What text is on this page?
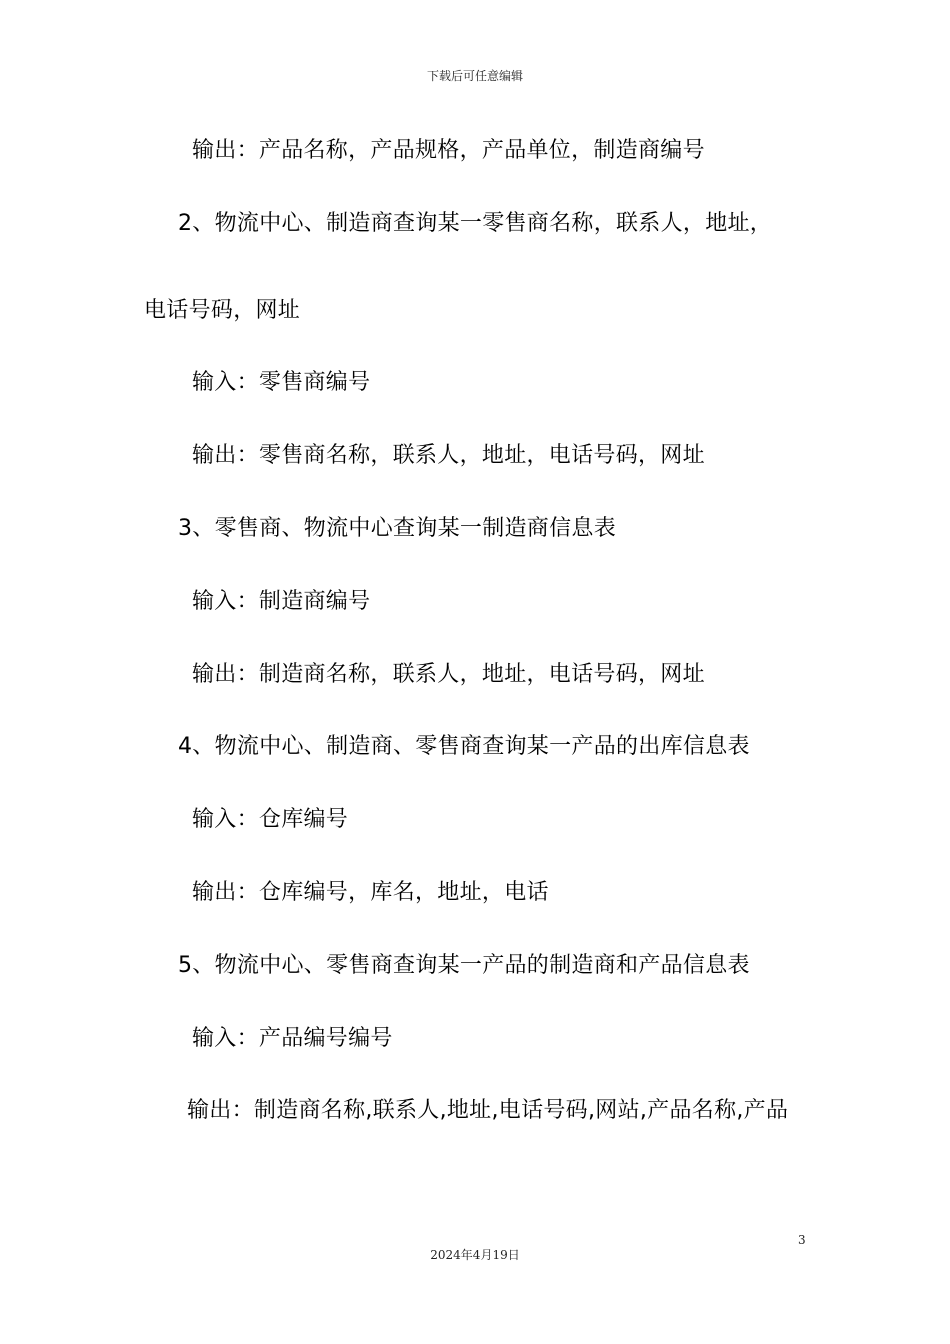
下载后可任意编辑
输出：产品名称，产品规格，产品单位，制造商编号
2、物流中心、制造商查询某一零售商名称，联系人，地址，
电话号码，网址
输入：零售商编号
输出：零售商名称，联系人，地址，电话号码，网址
3、零售商、物流中心查询某一制造商信息表
输入：制造商编号
输出：制造商名称，联系人，地址，电话号码，网址
4、物流中心、制造商、零售商查询某一产品的出库信息表
输入：仓库编号
输出：仓库编号，库名，地址，电话
5、物流中心、零售商查询某一产品的制造商和产品信息表
输入：产品编号编号
输出：制造商名称,联系人,地址,电话号码,网站,产品名称,产品
3
2024年4月19日
